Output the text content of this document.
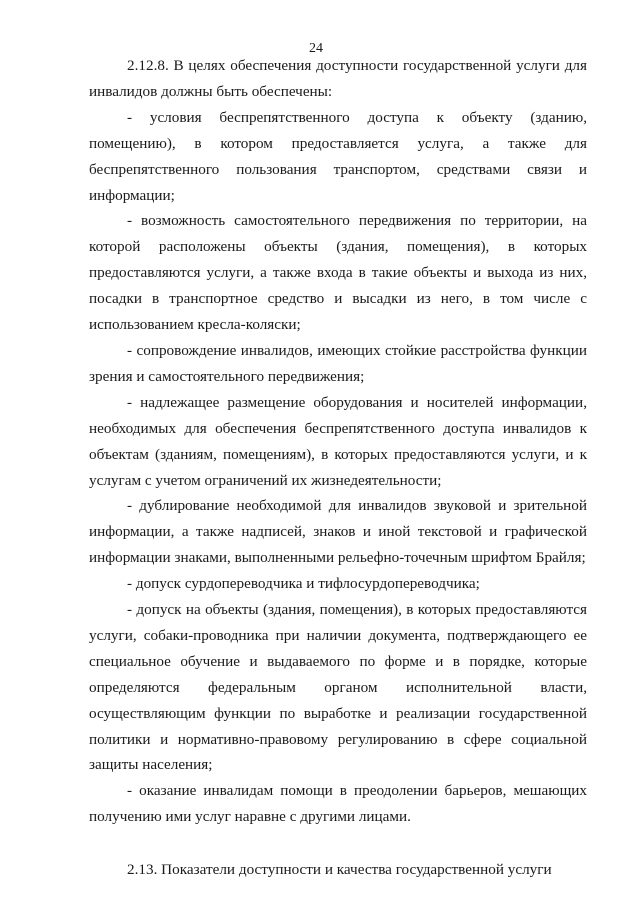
24

2.12.8. В целях обеспечения доступности государственной услуги для инвалидов должны быть обеспечены:

- условия беспрепятственного доступа к объекту (зданию, помещению), в котором предоставляется услуга, а также для беспрепятственного пользования транспортом, средствами связи и информации;

- возможность самостоятельного передвижения по территории, на которой расположены объекты (здания, помещения), в которых предоставляются услуги, а также входа в такие объекты и выхода из них, посадки в транспортное средство и высадки из него, в том числе с использованием кресла-коляски;

- сопровождение инвалидов, имеющих стойкие расстройства функции зрения и самостоятельного передвижения;

- надлежащее размещение оборудования и носителей информации, необходимых для обеспечения беспрепятственного доступа инвалидов к объектам (зданиям, помещениям), в которых предоставляются услуги, и к услугам с учетом ограничений их жизнедеятельности;

- дублирование необходимой для инвалидов звуковой и зрительной информации, а также надписей, знаков и иной текстовой и графической информации знаками, выполненными рельефно-точечным шрифтом Брайля;

- допуск сурдопереводчика и тифлосурдопереводчика;

- допуск на объекты (здания, помещения), в которых предоставляются услуги, собаки-проводника при наличии документа, подтверждающего ее специальное обучение и выдаваемого по форме и в порядке, которые определяются федеральным органом исполнительной власти, осуществляющим функции по выработке и реализации государственной политики и нормативно-правовому регулированию в сфере социальной защиты населения;

- оказание инвалидам помощи в преодолении барьеров, мешающих получению ими услуг наравне с другими лицами.

2.13. Показатели доступности и качества государственной услуги
